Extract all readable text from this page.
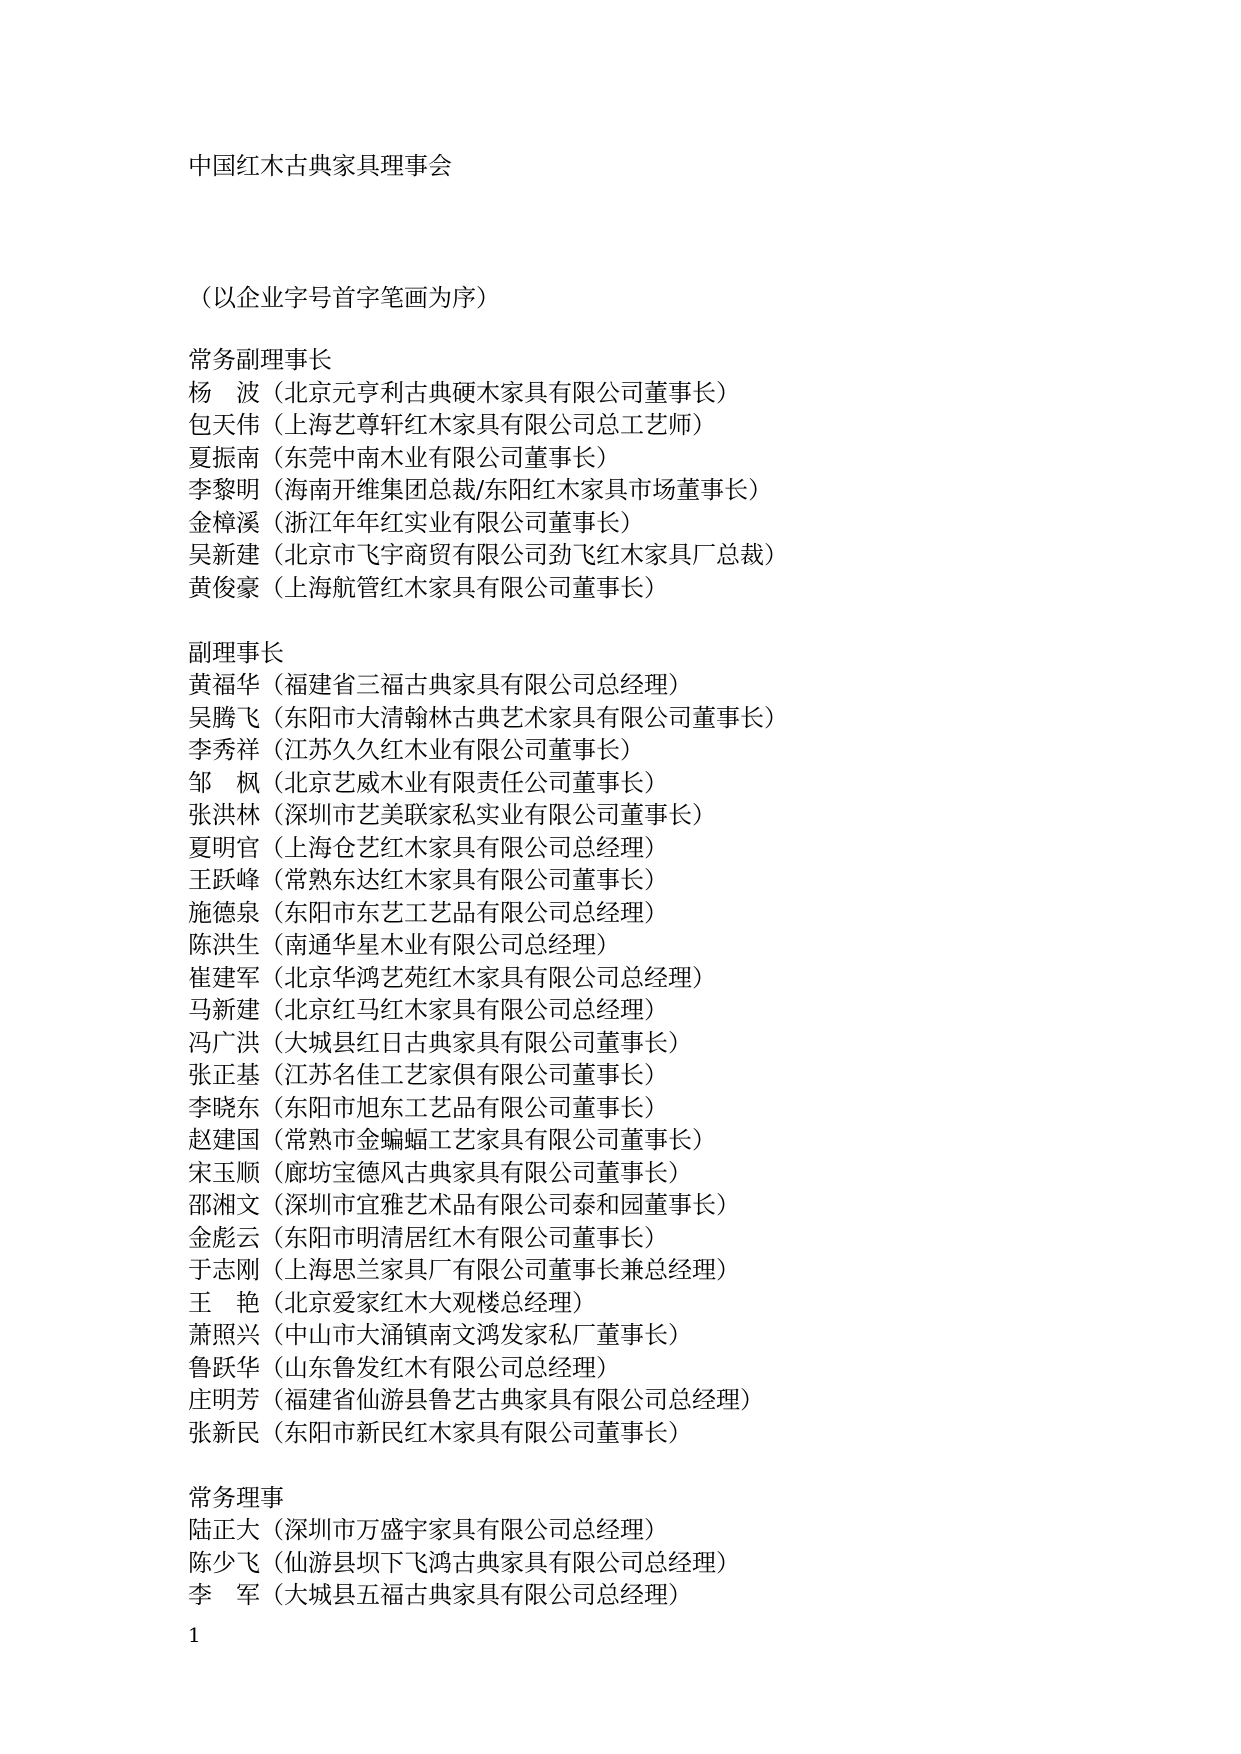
中国红木古典家具理事会
（以企业字号首字笔画为序）
常务副理事长
杨波（北京元亨利古典硬木家具有限公司董事长）
包天伟（上海艺尊轩红木家具有限公司总工艺师）
夏振南（东莞中南木业有限公司董事长）
李黎明（海南开维集团总裁/东阳红木家具市场董事长）
金樟溪（浙江年年红实业有限公司董事长）
吴新建（北京市飞宇商贸有限公司劲飞红木家具厂总裁）
黄俊豪（上海航管红木家具有限公司董事长）
副理事长
黄福华（福建省三福古典家具有限公司总经理）
吴腾飞（东阳市大清翰林古典艺术家具有限公司董事长）
李秀祥（江苏久久红木业有限公司董事长）
邹枫（北京艺威木业有限责任公司董事长）
张洪林（深圳市艺美联家私实业有限公司董事长）
夏明官（上海仓艺红木家具有限公司总经理）
王跃峰（常熟东达红木家具有限公司董事长）
施德泉（东阳市东艺工艺品有限公司总经理）
陈洪生（南通华星木业有限公司总经理）
崔建军（北京华鸿艺苑红木家具有限公司总经理）
马新建（北京红马红木家具有限公司总经理）
冯广洪（大城县红日古典家具有限公司董事长）
张正基（江苏名佳工艺家俱有限公司董事长）
李晓东（东阳市旭东工艺品有限公司董事长）
赵建国（常熟市金蝙蝠工艺家具有限公司董事长）
宋玉顺（廊坊宝德风古典家具有限公司董事长）
邵湘文（深圳市宜雅艺术品有限公司泰和园董事长）
金彪云（东阳市明清居红木有限公司董事长）
于志刚（上海思兰家具厂有限公司董事长兼总经理）
王艳（北京爱家红木大观楼总经理）
萧照兴（中山市大涌镇南文鸿发家私厂董事长）
鲁跃华（山东鲁发红木有限公司总经理）
庄明芳（福建省仙游县鲁艺古典家具有限公司总经理）
张新民（东阳市新民红木家具有限公司董事长）
常务理事
陆正大（深圳市万盛宇家具有限公司总经理）
陈少飞（仙游县坝下飞鸿古典家具有限公司总经理）
李军（大城县五福古典家具有限公司总经理）
1
